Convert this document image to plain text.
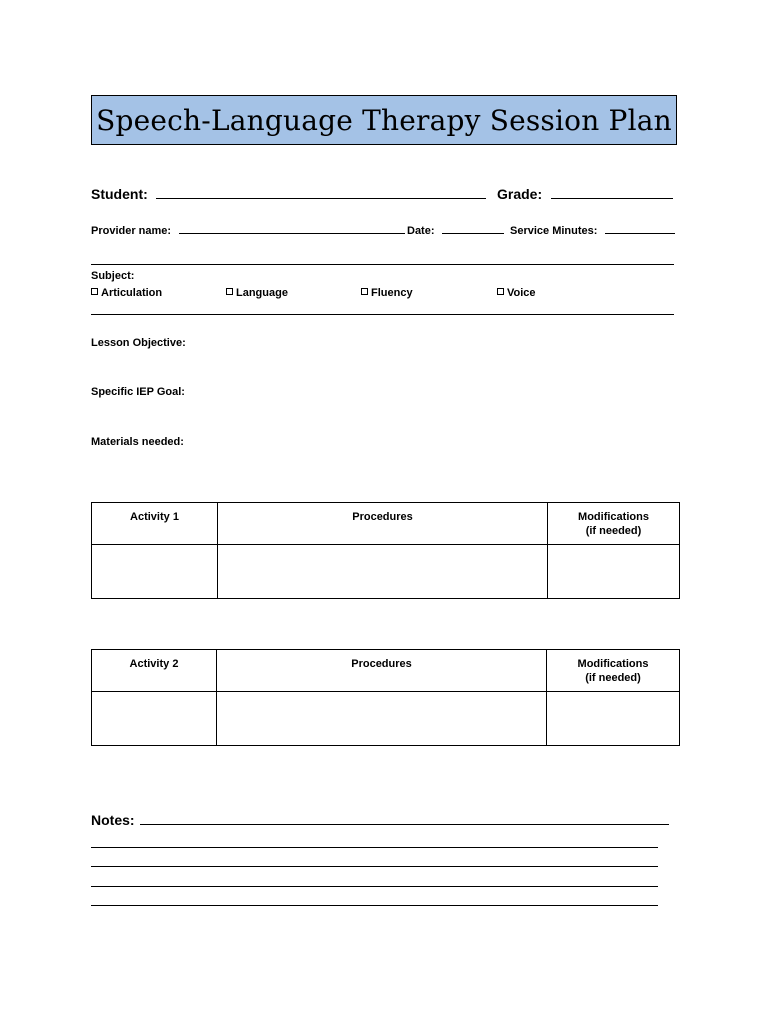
Speech-Language Therapy Session Plan
Student:	Grade:
Provider name:	Date:	Service Minutes:
Subject:
Articulation	Language	Fluency	Voice
Lesson Objective:
Specific IEP Goal:
Materials needed:
Activity 1	Procedures	Modifications
(if needed)

Activity 2	Procedures	Modifications
(if needed)

Notes:
